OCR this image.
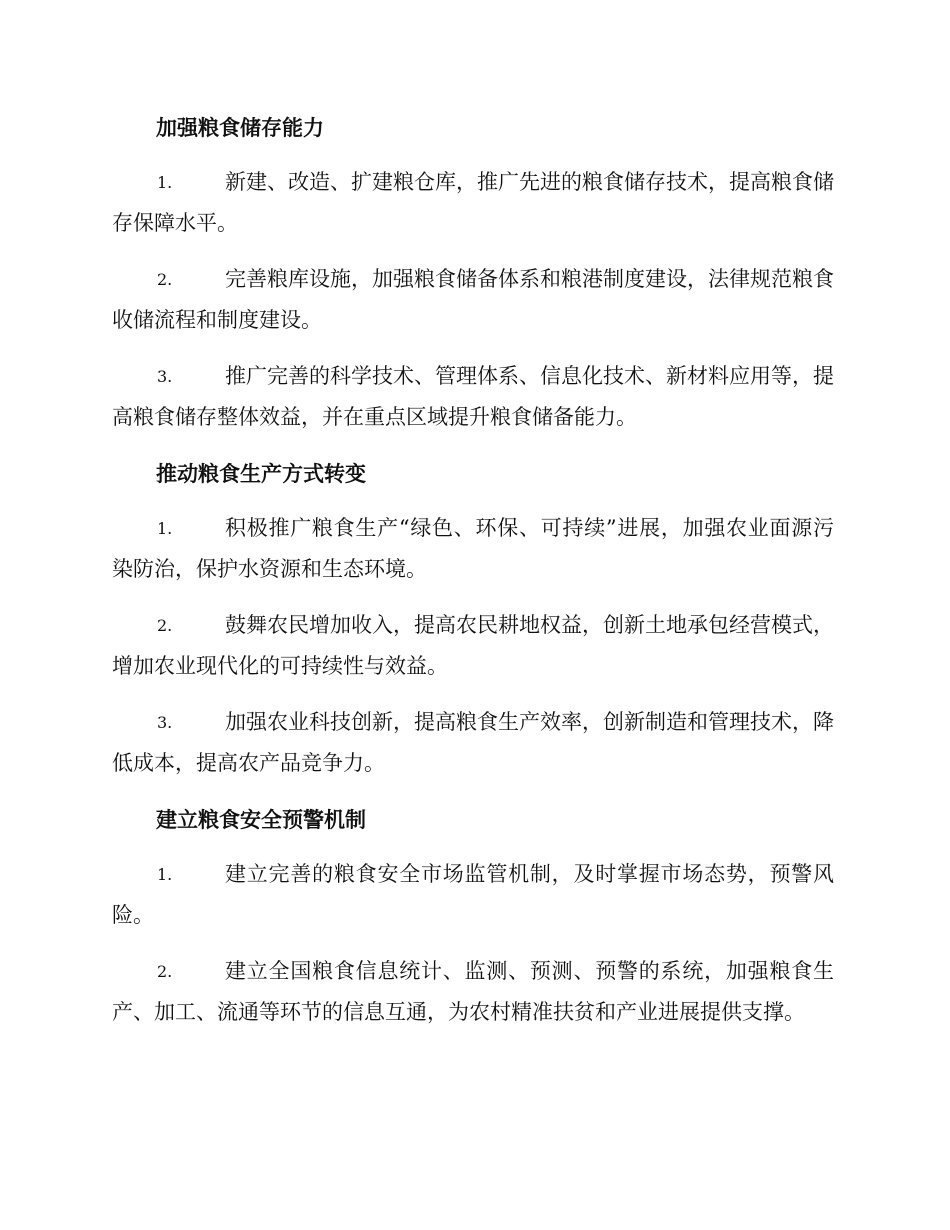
加强粮食储存能力
1.	新建、改造、扩建粮仓库，推广先进的粮食储存技术，提高粮食储存保障水平。
2.	完善粮库设施，加强粮食储备体系和粮港制度建设，法律规范粮食收储流程和制度建设。
3.	推广完善的科学技术、管理体系、信息化技术、新材料应用等，提高粮食储存整体效益，并在重点区域提升粮食储备能力。
推动粮食生产方式转变
1.	积极推广粮食生产“绿色、环保、可持续”进展，加强农业面源污染防治，保护水资源和生态环境。
2.	鼓舞农民增加收入，提高农民耕地权益，创新土地承包经营模式，增加农业现代化的可持续性与效益。
3.	加强农业科技创新，提高粮食生产效率，创新制造和管理技术，降低成本，提高农产品竞争力。
建立粮食安全预警机制
1.	建立完善的粮食安全市场监管机制，及时掌握市场态势，预警风险。
2.	建立全国粮食信息统计、监测、预测、预警的系统，加强粮食生产、加工、流通等环节的信息互通，为农村精准扶贫和产业进展提供支撑。
